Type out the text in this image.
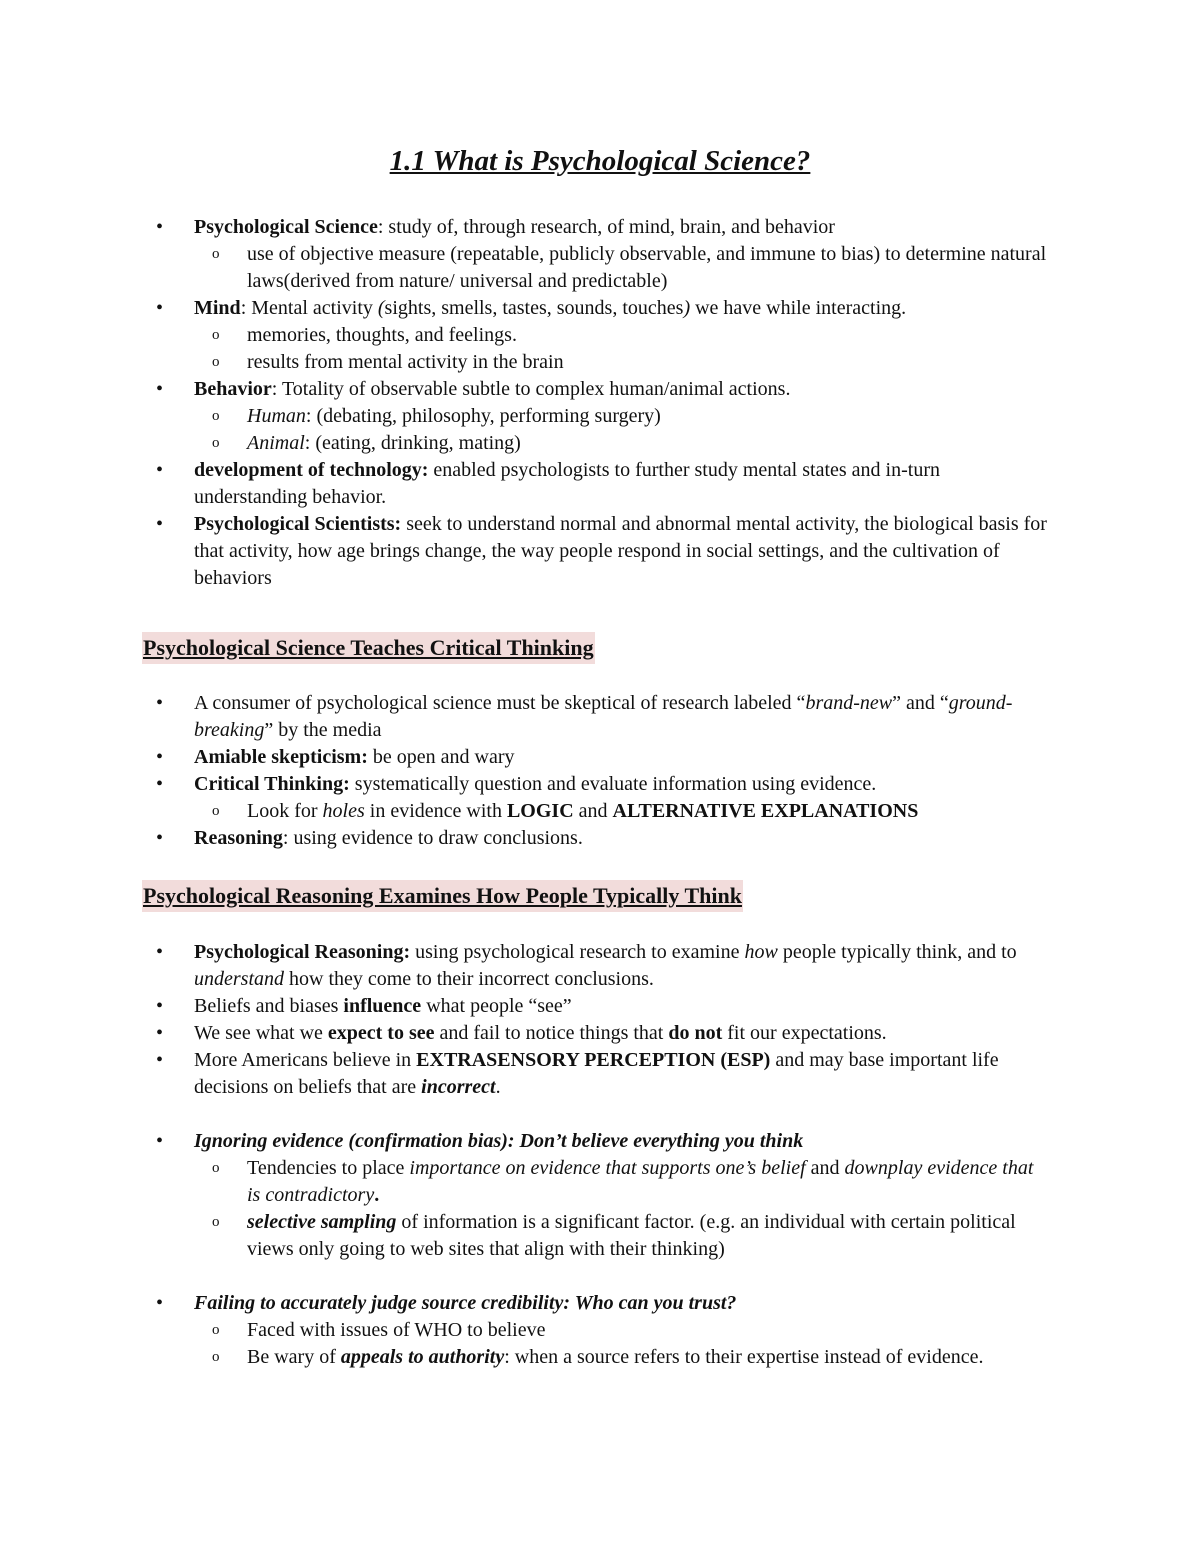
1.1 What is Psychological Science?
• Psychological Science: study of, through research, of mind, brain, and behavior
o use of objective measure (repeatable, publicly observable, and immune to bias) to determine natural laws(derived from nature/ universal and predictable)
• Mind: Mental activity (sights, smells, tastes, sounds, touches) we have while interacting.
o memories, thoughts, and feelings.
o results from mental activity in the brain
• Behavior: Totality of observable subtle to complex human/animal actions.
o Human: (debating, philosophy, performing surgery)
o Animal: (eating, drinking, mating)
• development of technology: enabled psychologists to further study mental states and in-turn understanding behavior.
• Psychological Scientists: seek to understand normal and abnormal mental activity, the biological basis for that activity, how age brings change, the way people respond in social settings, and the cultivation of behaviors
Psychological Science Teaches Critical Thinking
• A consumer of psychological science must be skeptical of research labeled “brand-new” and “ground-breaking” by the media
• Amiable skepticism: be open and wary
• Critical Thinking: systematically question and evaluate information using evidence.
o Look for holes in evidence with LOGIC and ALTERNATIVE EXPLANATIONS
• Reasoning: using evidence to draw conclusions.
Psychological Reasoning Examines How People Typically Think
• Psychological Reasoning: using psychological research to examine how people typically think, and to understand how they come to their incorrect conclusions.
• Beliefs and biases influence what people “see”
• We see what we expect to see and fail to notice things that do not fit our expectations.
• More Americans believe in EXTRASENSORY PERCEPTION (ESP) and may base important life decisions on beliefs that are incorrect.
• Ignoring evidence (confirmation bias): Don’t believe everything you think
o Tendencies to place importance on evidence that supports one’s belief and downplay evidence that is contradictory.
o selective sampling of information is a significant factor. (e.g. an individual with certain political views only going to web sites that align with their thinking)
• Failing to accurately judge source credibility: Who can you trust?
o Faced with issues of WHO to believe
o Be wary of appeals to authority: when a source refers to their expertise instead of evidence.
